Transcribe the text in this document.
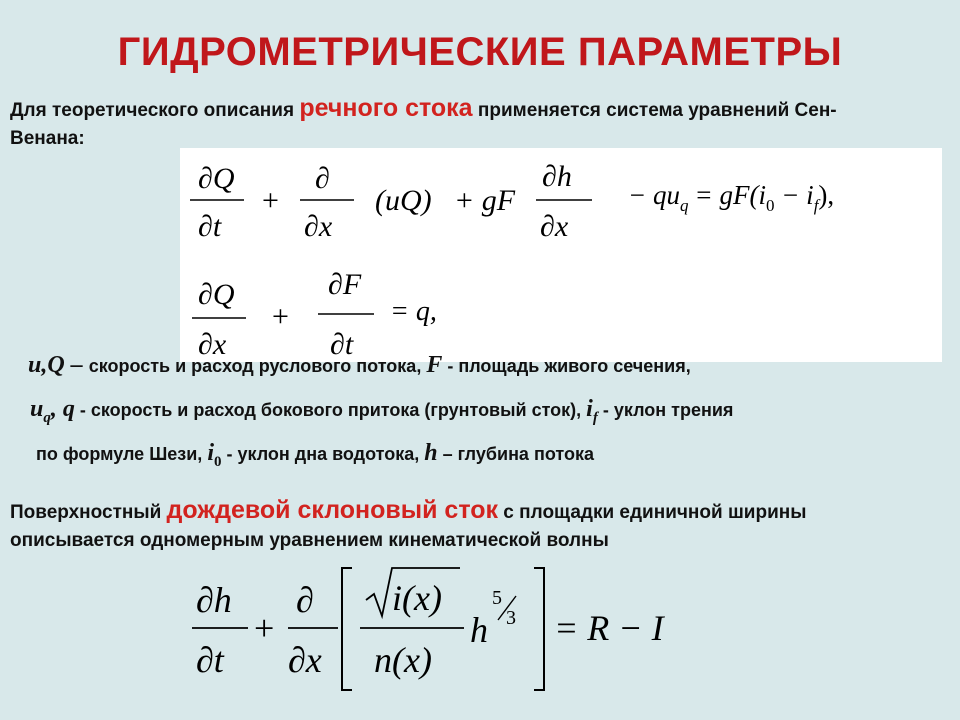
ГИДРОМЕТРИЧЕСКИЕ ПАРАМЕТРЫ
Для теоретического описания речного стока применяется система уравнений Сен-Венана:
∂Q
∂t
+
∂
∂x
(uQ) + gF
∂h
∂x
− $qu_q = gF(i_0 - i_f)$,
∂Q
∂x
+
∂F
∂t
= q,
u,Q – скорость и расход руслового потока, F - площадь живого сечения,
$u_q$, q - скорость и расход бокового притока (грунтовый сток), $i_f$ - уклон трения
по формуле Шези, $i_0$ - уклон дна водотока, h – глубина потока
Поверхностный дождевой склоновый сток с площадки единичной ширины описывается одномерным уравнением кинематической волны
∂h
∂t
+
∂
∂x
i(x)
n(x)
h
5
3 = R − I
